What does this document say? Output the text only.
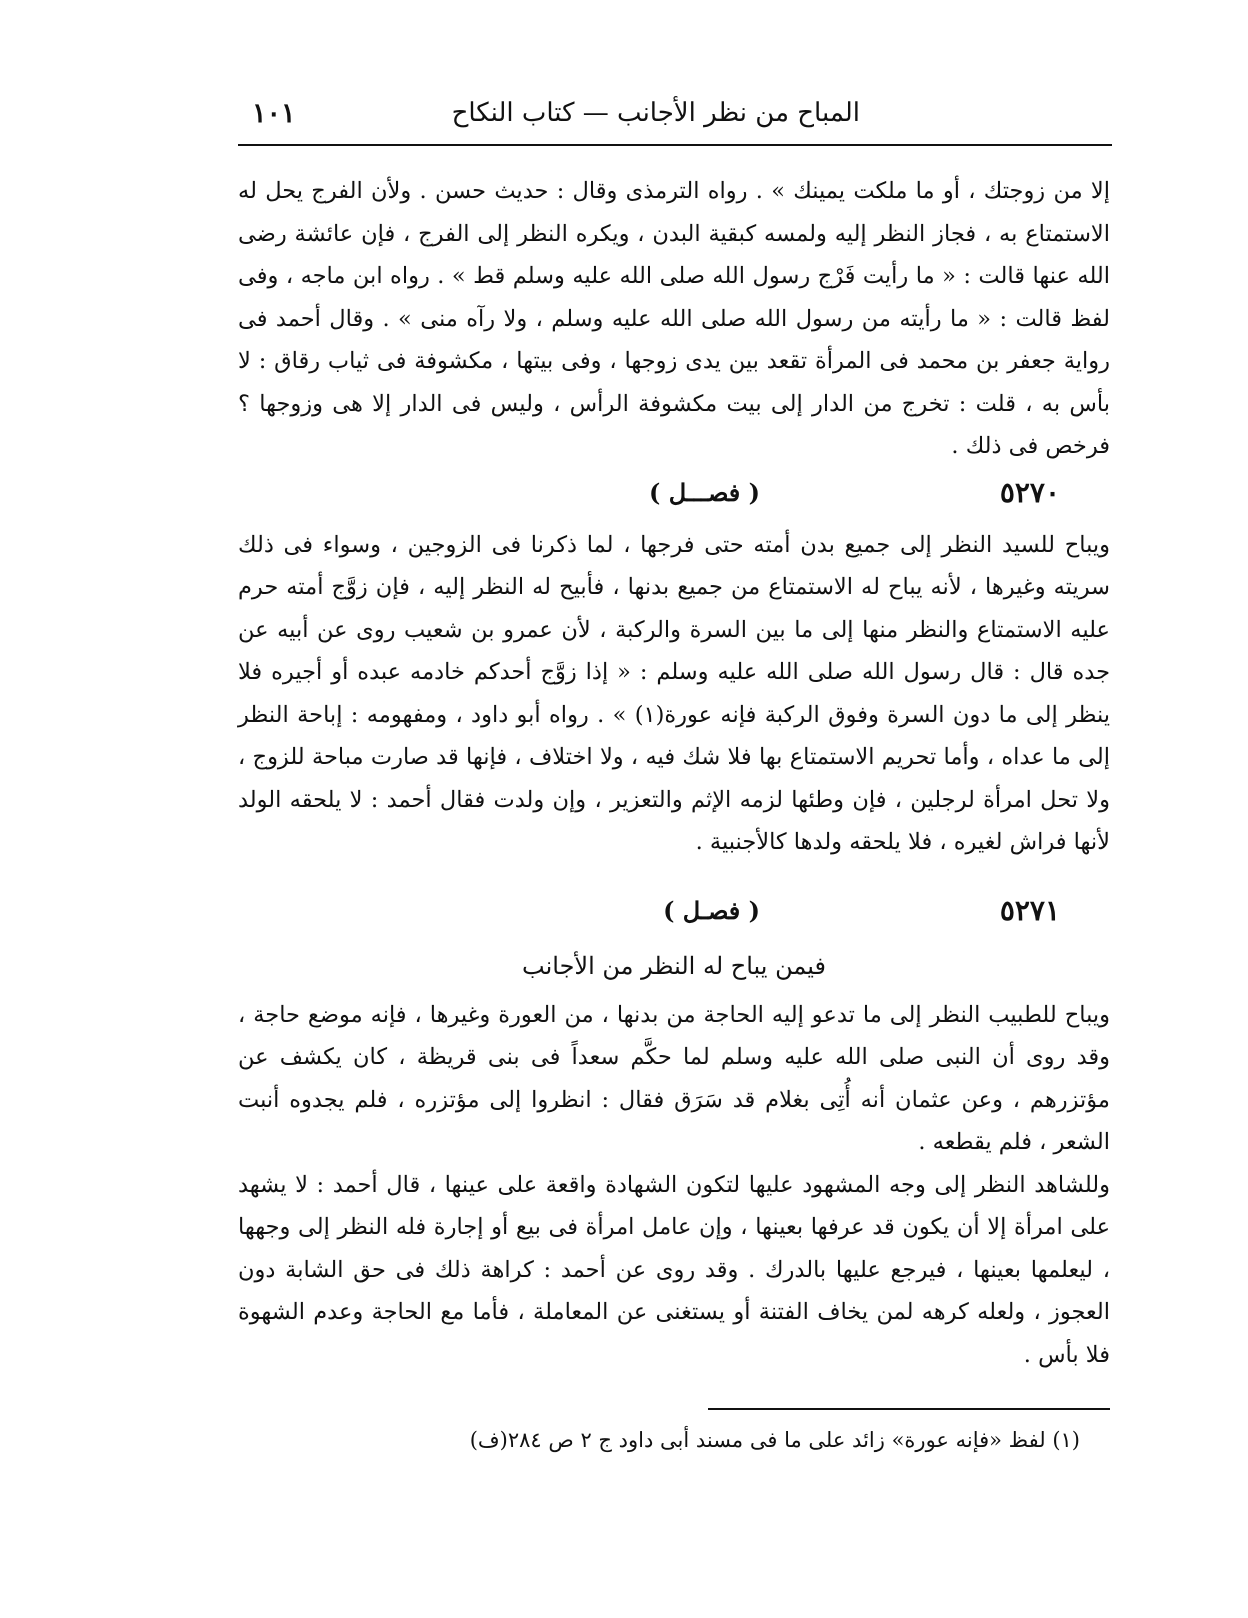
المباح من نظر الأجانب — كتاب النكاح
١٠١

إلا من زوجتك ، أو ما ملكت يمينك » . رواه الترمذى وقال : حديث حسن . ولأن الفرج يحل له الاستمتاع به ، فجاز النظر إليه ولمسه كبقية البدن ، ويكره النظر إلى الفرج ، فإن عائشة رضى الله عنها قالت : « ما رأيت فَرْج رسول الله صلى الله عليه وسلم قط » . رواه ابن ماجه ، وفى لفظ قالت : « ما رأيته من رسول الله صلى الله عليه وسلم ، ولا رآه منى » . وقال أحمد فى رواية جعفر بن محمد فى المرأة تقعد بين يدى زوجها ، وفى بيتها ، مكشوفة فى ثياب رقاق : لا بأس به ، قلت : تخرج من الدار إلى بيت مكشوفة الرأس ، وليس فى الدار إلا هى وزوجها ؟ فرخص فى ذلك .

٥٢٧٠
( فصـــل )

ويباح للسيد النظر إلى جميع بدن أمته حتى فرجها ، لما ذكرنا فى الزوجين ، وسواء فى ذلك سريته وغيرها ، لأنه يباح له الاستمتاع من جميع بدنها ، فأبيح له النظر إليه ، فإن زوَّج أمته حرم عليه الاستمتاع والنظر منها إلى ما بين السرة والركبة ، لأن عمرو بن شعيب روى عن أبيه عن جده قال : قال رسول الله صلى الله عليه وسلم : « إذا زوَّج أحدكم خادمه عبده أو أجيره فلا ينظر إلى ما دون السرة وفوق الركبة فإنه عورة(١) » . رواه أبو داود ، ومفهومه : إباحة النظر إلى ما عداه ، وأما تحريم الاستمتاع بها فلا شك فيه ، ولا اختلاف ، فإنها قد صارت مباحة للزوج ، ولا تحل امرأة لرجلين ، فإن وطئها لزمه الإثم والتعزير ، وإن ولدت فقال أحمد : لا يلحقه الولد لأنها فراش لغيره ، فلا يلحقه ولدها كالأجنبية .

٥٢٧١
( فصـل )

فيمن يباح له النظر من الأجانب

ويباح للطبيب النظر إلى ما تدعو إليه الحاجة من بدنها ، من العورة وغيرها ، فإنه موضع حاجة ، وقد روى أن النبى صلى الله عليه وسلم لما حكَّم سعداً فى بنى قريظة ، كان يكشف عن مؤتزرهم ، وعن عثمان أنه أُتِى بغلام قد سَرَق فقال : انظروا إلى مؤتزره ، فلم يجدوه أنبت الشعر ، فلم يقطعه .

وللشاهد النظر إلى وجه المشهود عليها لتكون الشهادة واقعة على عينها ، قال أحمد : لا يشهد على امرأة إلا أن يكون قد عرفها بعينها ، وإن عامل امرأة فى بيع أو إجارة فله النظر إلى وجهها ، ليعلمها بعينها ، فيرجع عليها بالدرك . وقد روى عن أحمد : كراهة ذلك فى حق الشابة دون العجوز ، ولعله كرهه لمن يخاف الفتنة أو يستغنى عن المعاملة ، فأما مع الحاجة وعدم الشهوة فلا بأس .

(١) لفظ «فإنه عورة» زائد على ما فى مسند أبى داود ج ٢ ص ٢٨٤(ف)
